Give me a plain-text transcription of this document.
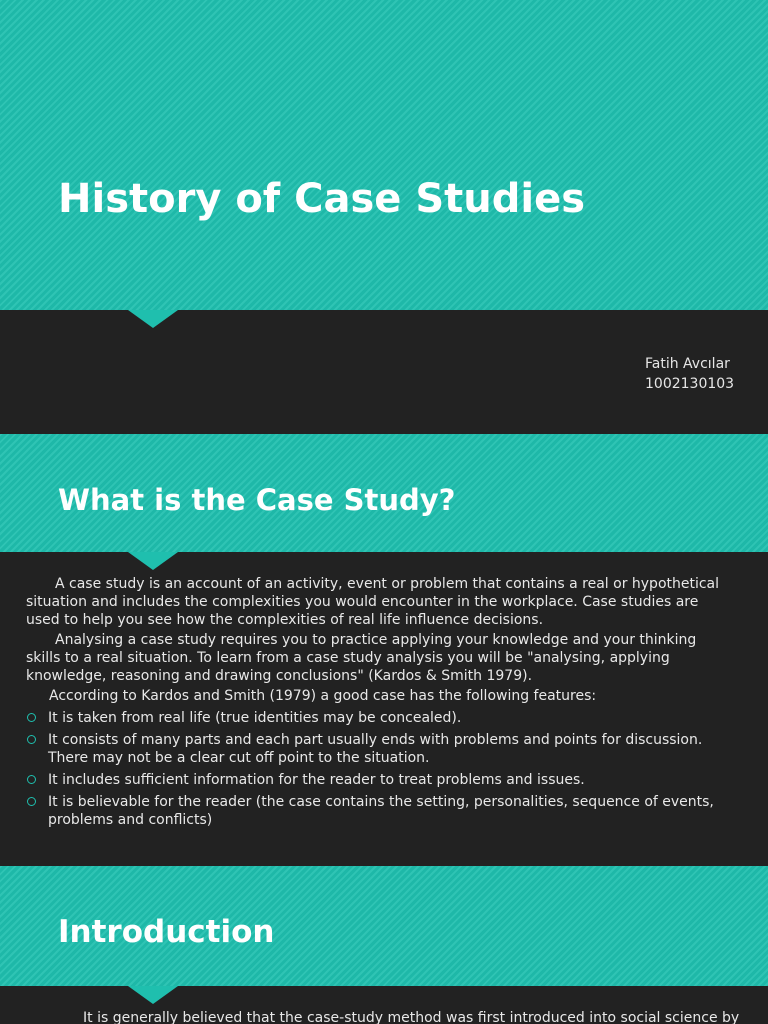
History of Case Studies
Fatih Avcılar
1002130103
What is the Case Study?

A case study is an account of an activity, event or problem that contains a real or hypothetical situation and includes the complexities you would encounter in the workplace. Case studies are used to help you see how the complexities of real life influence decisions.

Analysing a case study requires you to practice applying your knowledge and your thinking skills to a real situation. To learn from a case study analysis you will be "analysing, applying knowledge, reasoning and drawing conclusions" (Kardos & Smith 1979).

According to Kardos and Smith (1979) a good case has the following features:

It is taken from real life (true identities may be concealed).
It consists of many parts and each part usually ends with problems and points for discussion. There may not be a clear cut off point to the situation.
It includes sufficient information for the reader to treat problems and issues.
It is believable for the reader (the case contains the setting, personalities, sequence of events, problems and conflicts)
Introduction
It is generally believed that the case-study method was first introduced into social science by
